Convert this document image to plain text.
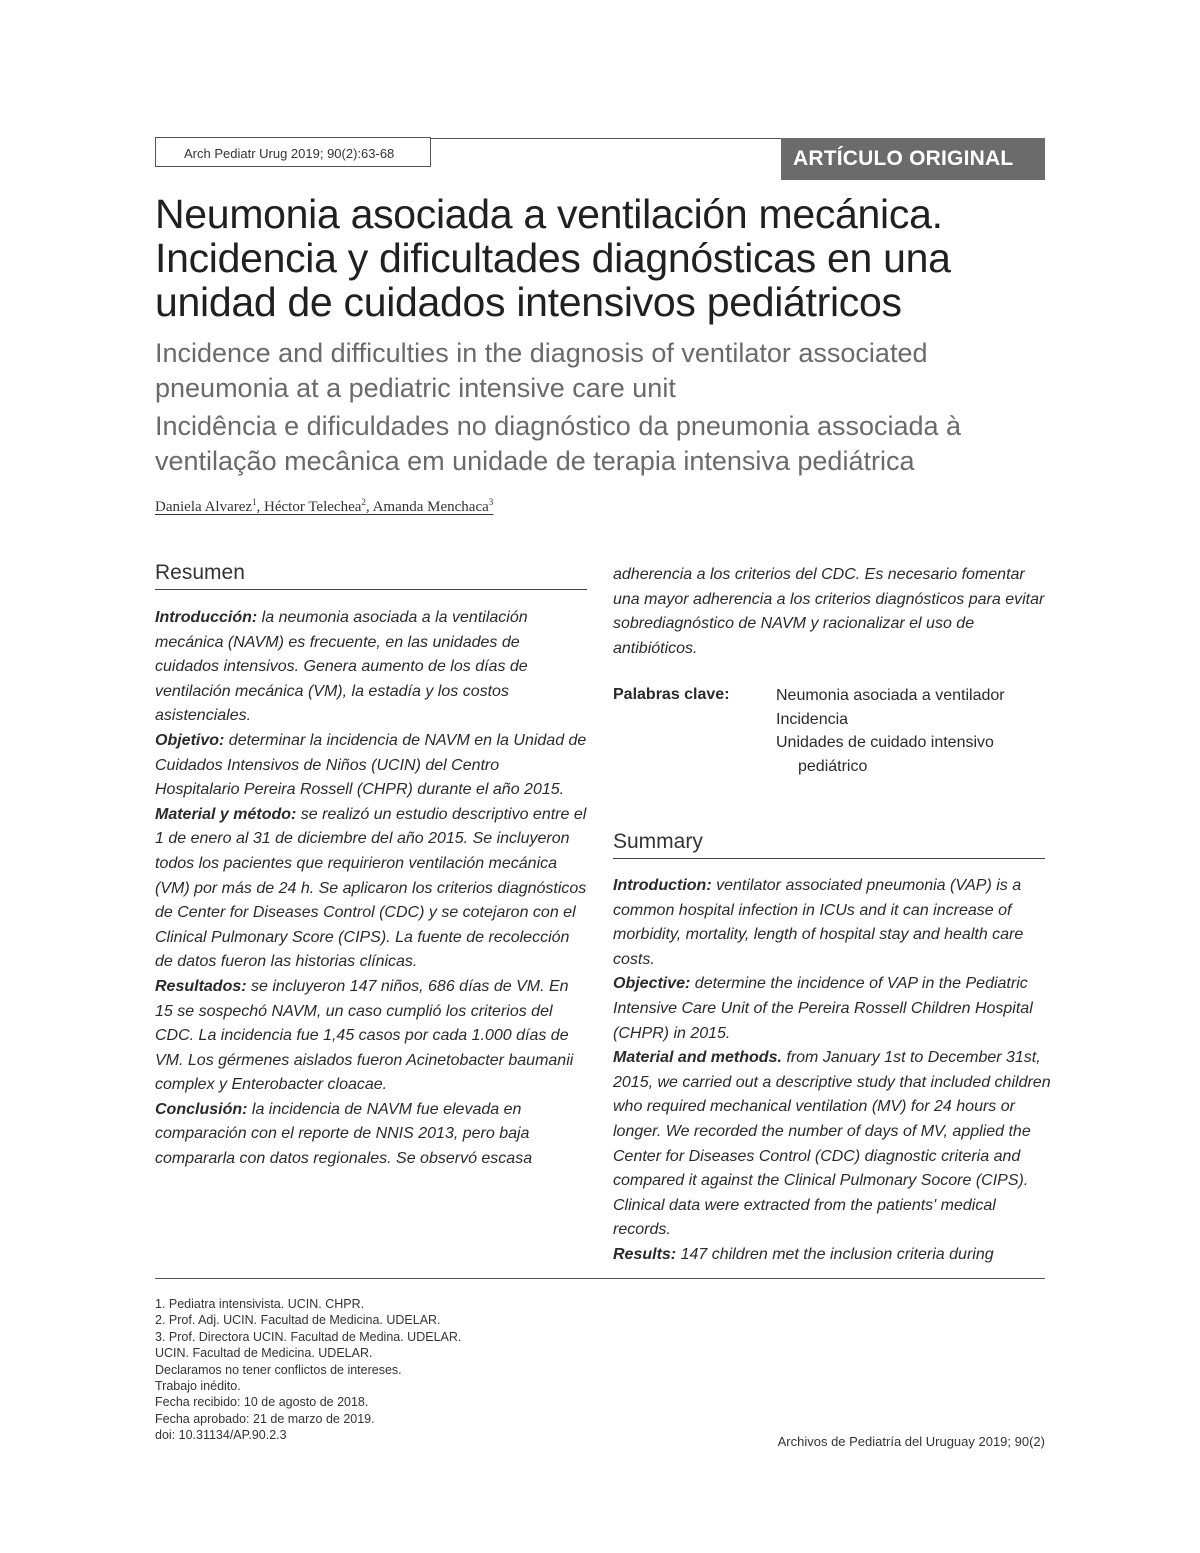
Arch Pediatr Urug 2019; 90(2):63-68	ARTÍCULO ORIGINAL
Neumonia asociada a ventilación mecánica.
Incidencia y dificultades diagnósticas en una
unidad de cuidados intensivos pediátricos
Incidence and difficulties in the diagnosis of ventilator associated
pneumonia at a pediatric intensive care unit
Incidência e dificuldades no diagnóstico da pneumonia associada à
ventilação mecânica em unidade de terapia intensiva pediátrica
Daniela Alvarez$^1$, Héctor Telechea$^2$, Amanda Menchaca$^3$
Resumen

Introducción: la neumonia asociada a la ventilación mecánica (NAVM) es frecuente, en las unidades de cuidados intensivos. Genera aumento de los días de ventilación mecánica (VM), la estadía y los costos asistenciales.

Objetivo: determinar la incidencia de NAVM en la Unidad de Cuidados Intensivos de Niños (UCIN) del Centro Hospitalario Pereira Rossell (CHPR) durante el año 2015.

Material y método: se realizó un estudio descriptivo entre el 1 de enero al 31 de diciembre del año 2015. Se incluyeron todos los pacientes que requirieron ventilación mecánica (VM) por más de 24 h. Se aplicaron los criterios diagnósticos de Center for Diseases Control (CDC) y se cotejaron con el Clinical Pulmonary Score (CIPS). La fuente de recolección de datos fueron las historias clínicas.

Resultados: se incluyeron 147 niños, 686 días de VM. En 15 se sospechó NAVM, un caso cumplió los criterios del CDC. La incidencia fue 1,45 casos por cada 1.000 días de VM. Los gérmenes aislados fueron Acinetobacter baumanii complex y Enterobacter cloacae.

Conclusión: la incidencia de NAVM fue elevada en comparación con el reporte de NNIS 2013, pero baja compararla con datos regionales. Se observó escasa

adherencia a los criterios del CDC. Es necesario fomentar una mayor adherencia a los criterios diagnósticos para evitar sobrediagnóstico de NAVM y racionalizar el uso de antibióticos.

Palabras clave:	Neumonia asociada a ventilador
Incidencia
Unidades de cuidado intensivo
pediátrico
Summary

Introduction: ventilator associated pneumonia (VAP) is a common hospital infection in ICUs and it can increase of morbidity, mortality, length of hospital stay and health care costs.

Objective: determine the incidence of VAP in the Pediatric Intensive Care Unit of the Pereira Rossell Children Hospital (CHPR) in 2015.

Material and methods. from January 1st to December 31st, 2015, we carried out a descriptive study that included children who required mechanical ventilation (MV) for 24 hours or longer. We recorded the number of days of MV, applied the Center for Diseases Control (CDC) diagnostic criteria and compared it against the Clinical Pulmonary Socore (CIPS). Clinical data were extracted from the patients' medical records.

Results: 147 children met the inclusion criteria during

1. Pediatra intensivista. UCIN. CHPR.
2. Prof. Adj. UCIN. Facultad de Medicina. UDELAR.
3. Prof. Directora UCIN. Facultad de Medina. UDELAR.
UCIN. Facultad de Medicina. UDELAR.
Declaramos no tener conflictos de intereses.
Trabajo inédito.
Fecha recibido: 10 de agosto de 2018.
Fecha aprobado: 21 de marzo de 2019.
doi: 10.31134/AP.90.2.3	Archivos de Pediatría del Uruguay 2019; 90(2)
